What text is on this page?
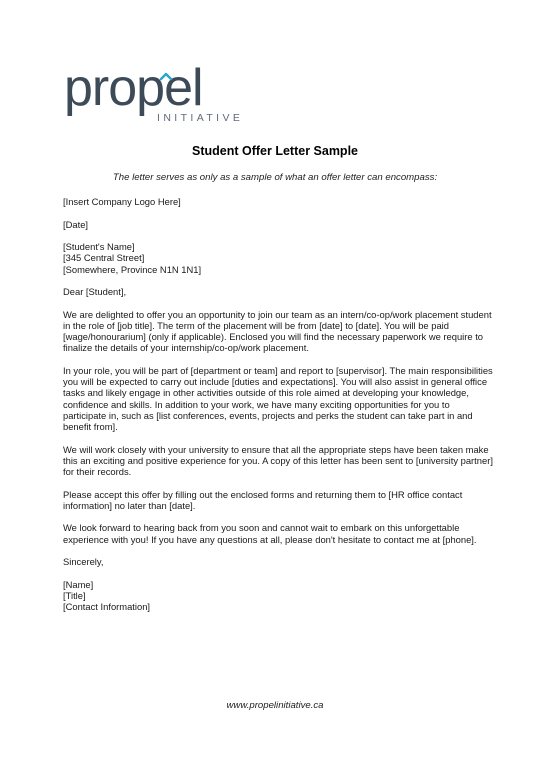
propel
INITIATIVE
Student Offer Letter Sample
The letter serves as only as a sample of what an offer letter can encompass:

[Insert Company Logo Here]

[Date]

[Student's Name]
[345 Central Street]
[Somewhere, Province N1N 1N1]

Dear [Student],

We are delighted to offer you an opportunity to join our team as an intern/co-op/work placement student in the role of [job title]. The term of the placement will be from [date] to [date]. You will be paid [wage/honourarium] (only if applicable). Enclosed you will find the necessary paperwork we require to finalize the details of your internship/co-op/work placement.

In your role, you will be part of [department or team] and report to [supervisor]. The main responsibilities you will be expected to carry out include [duties and expectations]. You will also assist in general office tasks and likely engage in other activities outside of this role aimed at developing your knowledge, confidence and skills. In addition to your work, we have many exciting opportunities for you to participate in, such as [list conferences, events, projects and perks the student can take part in and benefit from].

We will work closely with your university to ensure that all the appropriate steps have been taken make this an exciting and positive experience for you. A copy of this letter has been sent to [university partner] for their records.

Please accept this offer by filling out the enclosed forms and returning them to [HR office contact information] no later than [date].

We look forward to hearing back from you soon and cannot wait to embark on this unforgettable experience with you! If you have any questions at all, please don't hesitate to contact me at [phone].

Sincerely,

[Name]
[Title]
[Contact Information]

www.propelinitiative.ca
